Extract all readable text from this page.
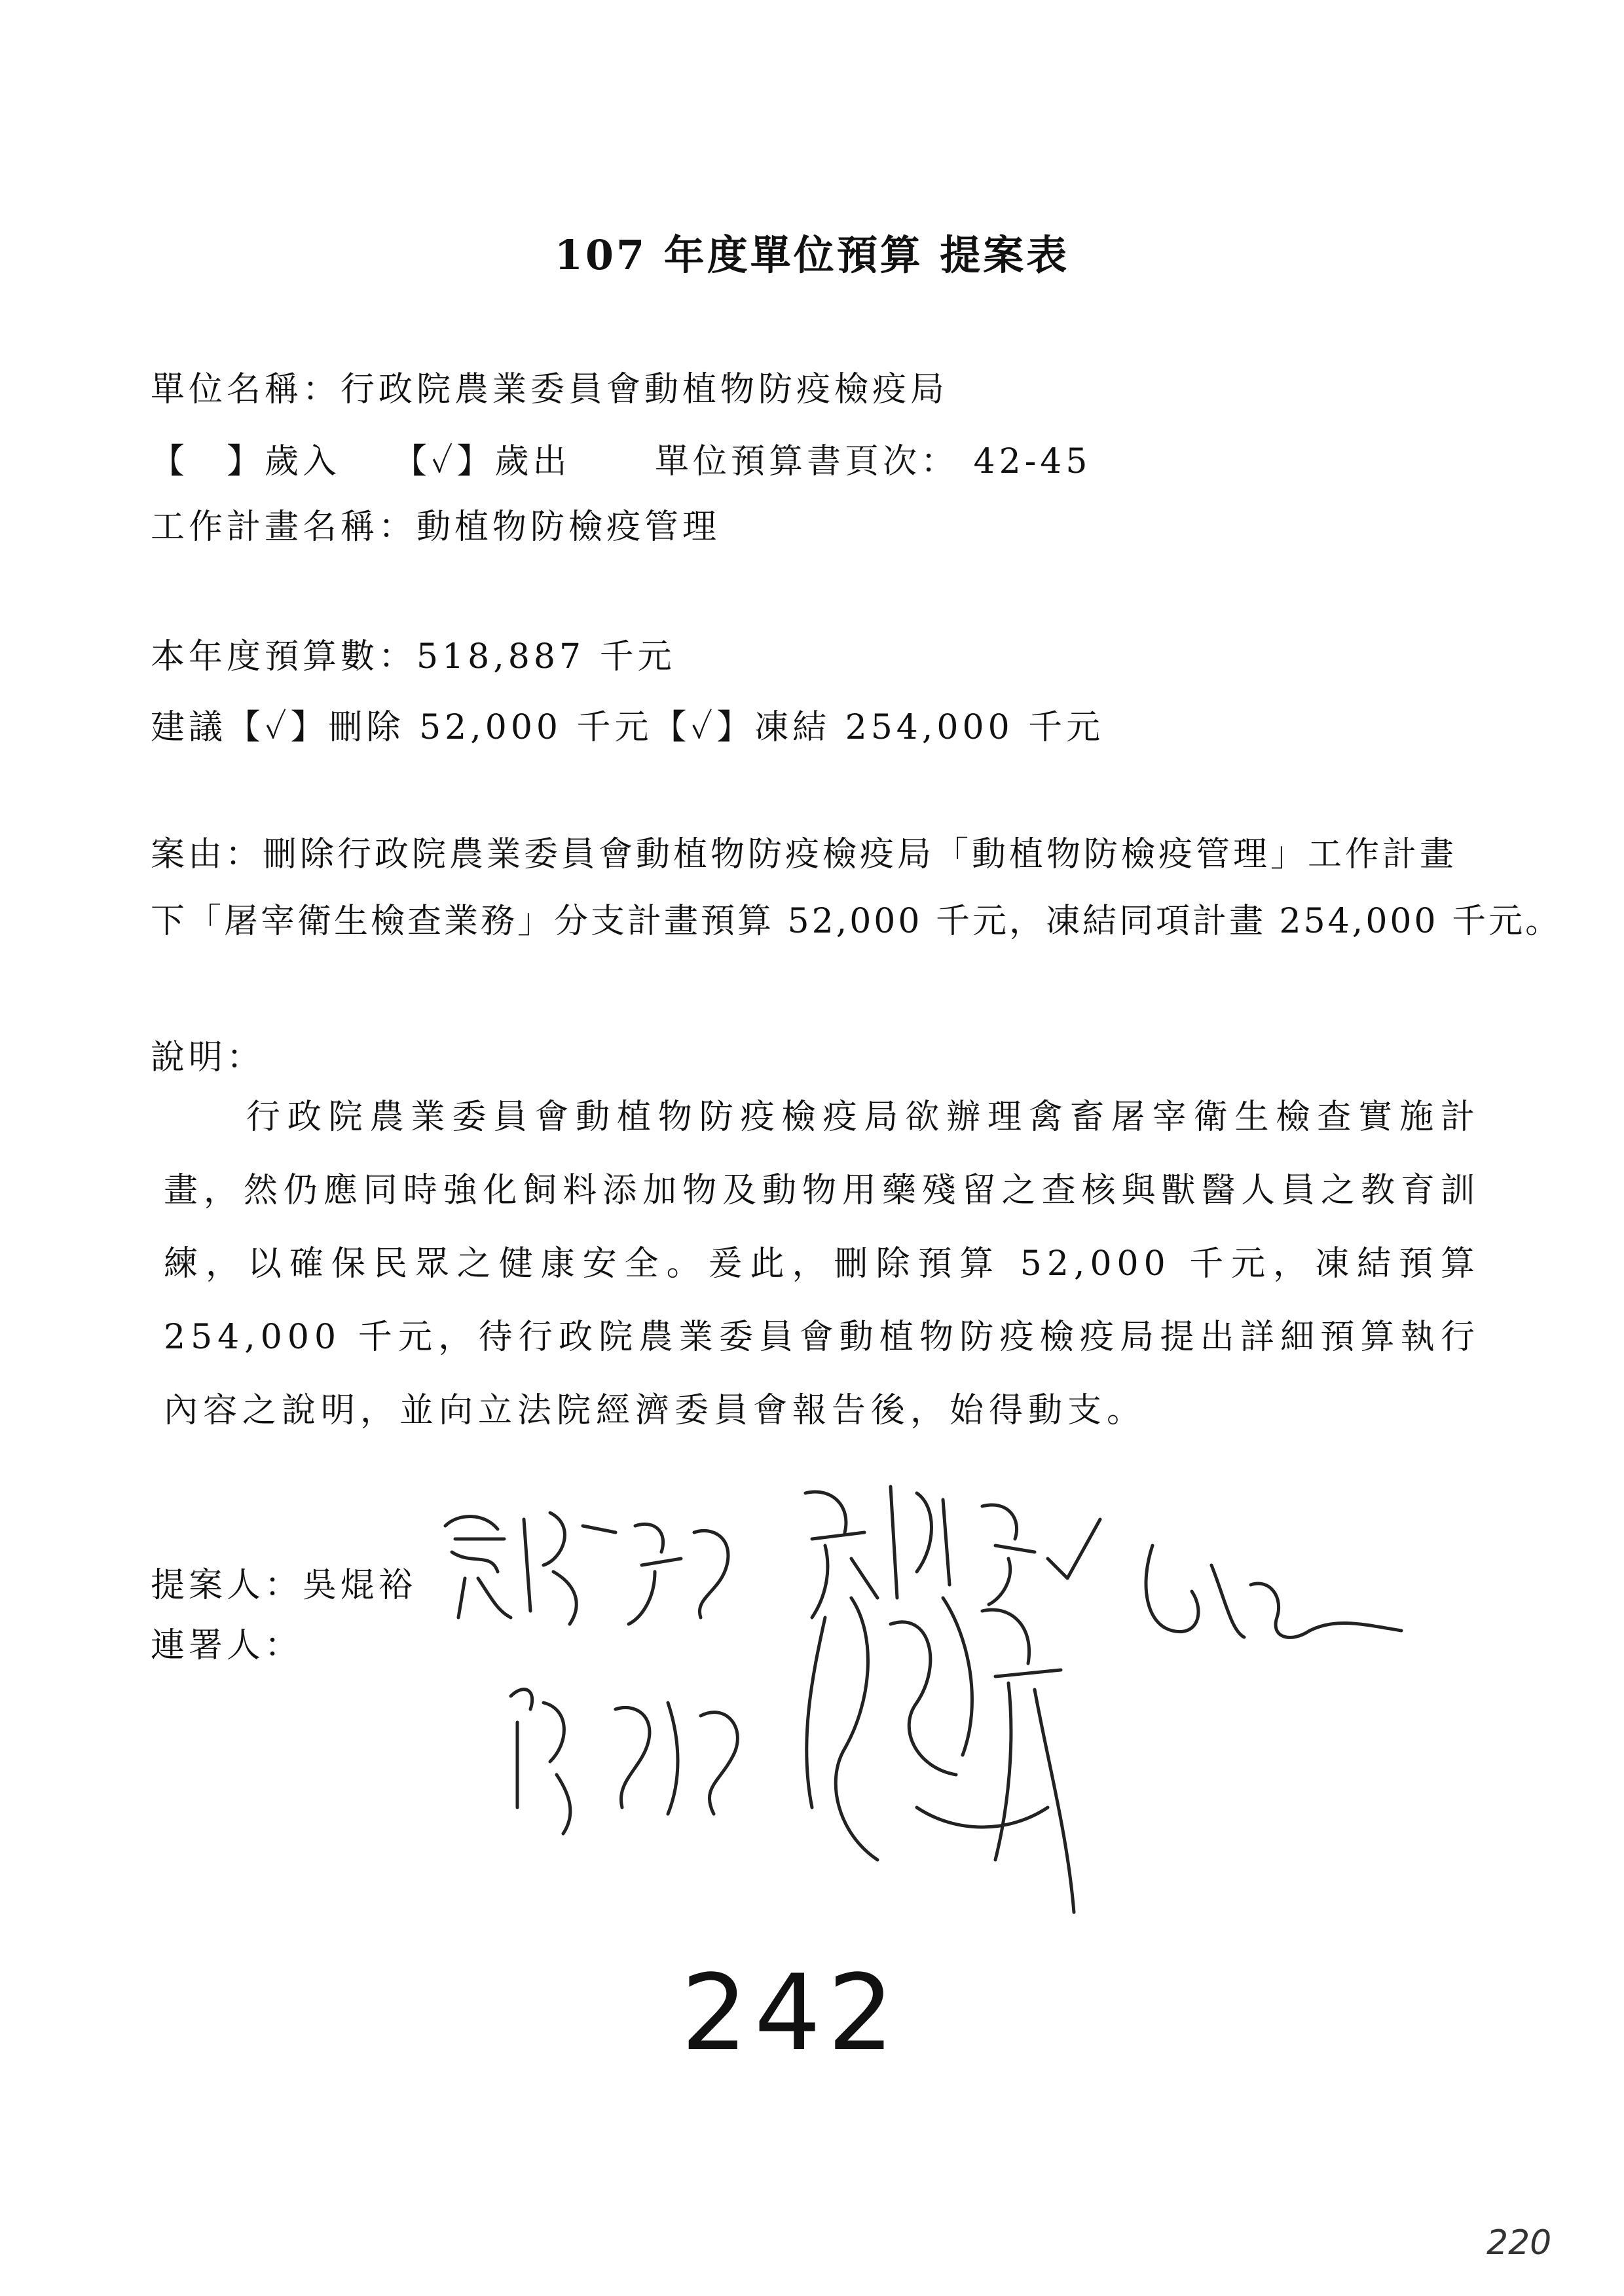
107 年度單位預算 提案表
單位名稱：行政院農業委員會動植物防疫檢疫局
【　】歲入 【✓】歲出 單位預算書頁次： 42-45
工作計畫名稱：動植物防檢疫管理
本年度預算數：518,887 千元
建議【✓】刪除 52,000 千元【✓】凍結 254,000 千元
案由：刪除行政院農業委員會動植物防疫檢疫局「動植物防檢疫管理」工作計畫
下「屠宰衛生檢查業務」分支計畫預算 52,000 千元，凍結同項計畫 254,000 千元。
說明：
　　行政院農業委員會動植物防疫檢疫局欲辦理禽畜屠宰衛生檢查實施計畫，然仍應同時強化飼料添加物及動物用藥殘留之查核與獸醫人員之教育訓練，以確保民眾之健康安全。爰此，刪除預算 52,000 千元，凍結預算 254,000 千元，待行政院農業委員會動植物防疫檢疫局提出詳細預算執行內容之說明，並向立法院經濟委員會報告後，始得動支。
提案人：吳焜裕
連署人：
242
220
